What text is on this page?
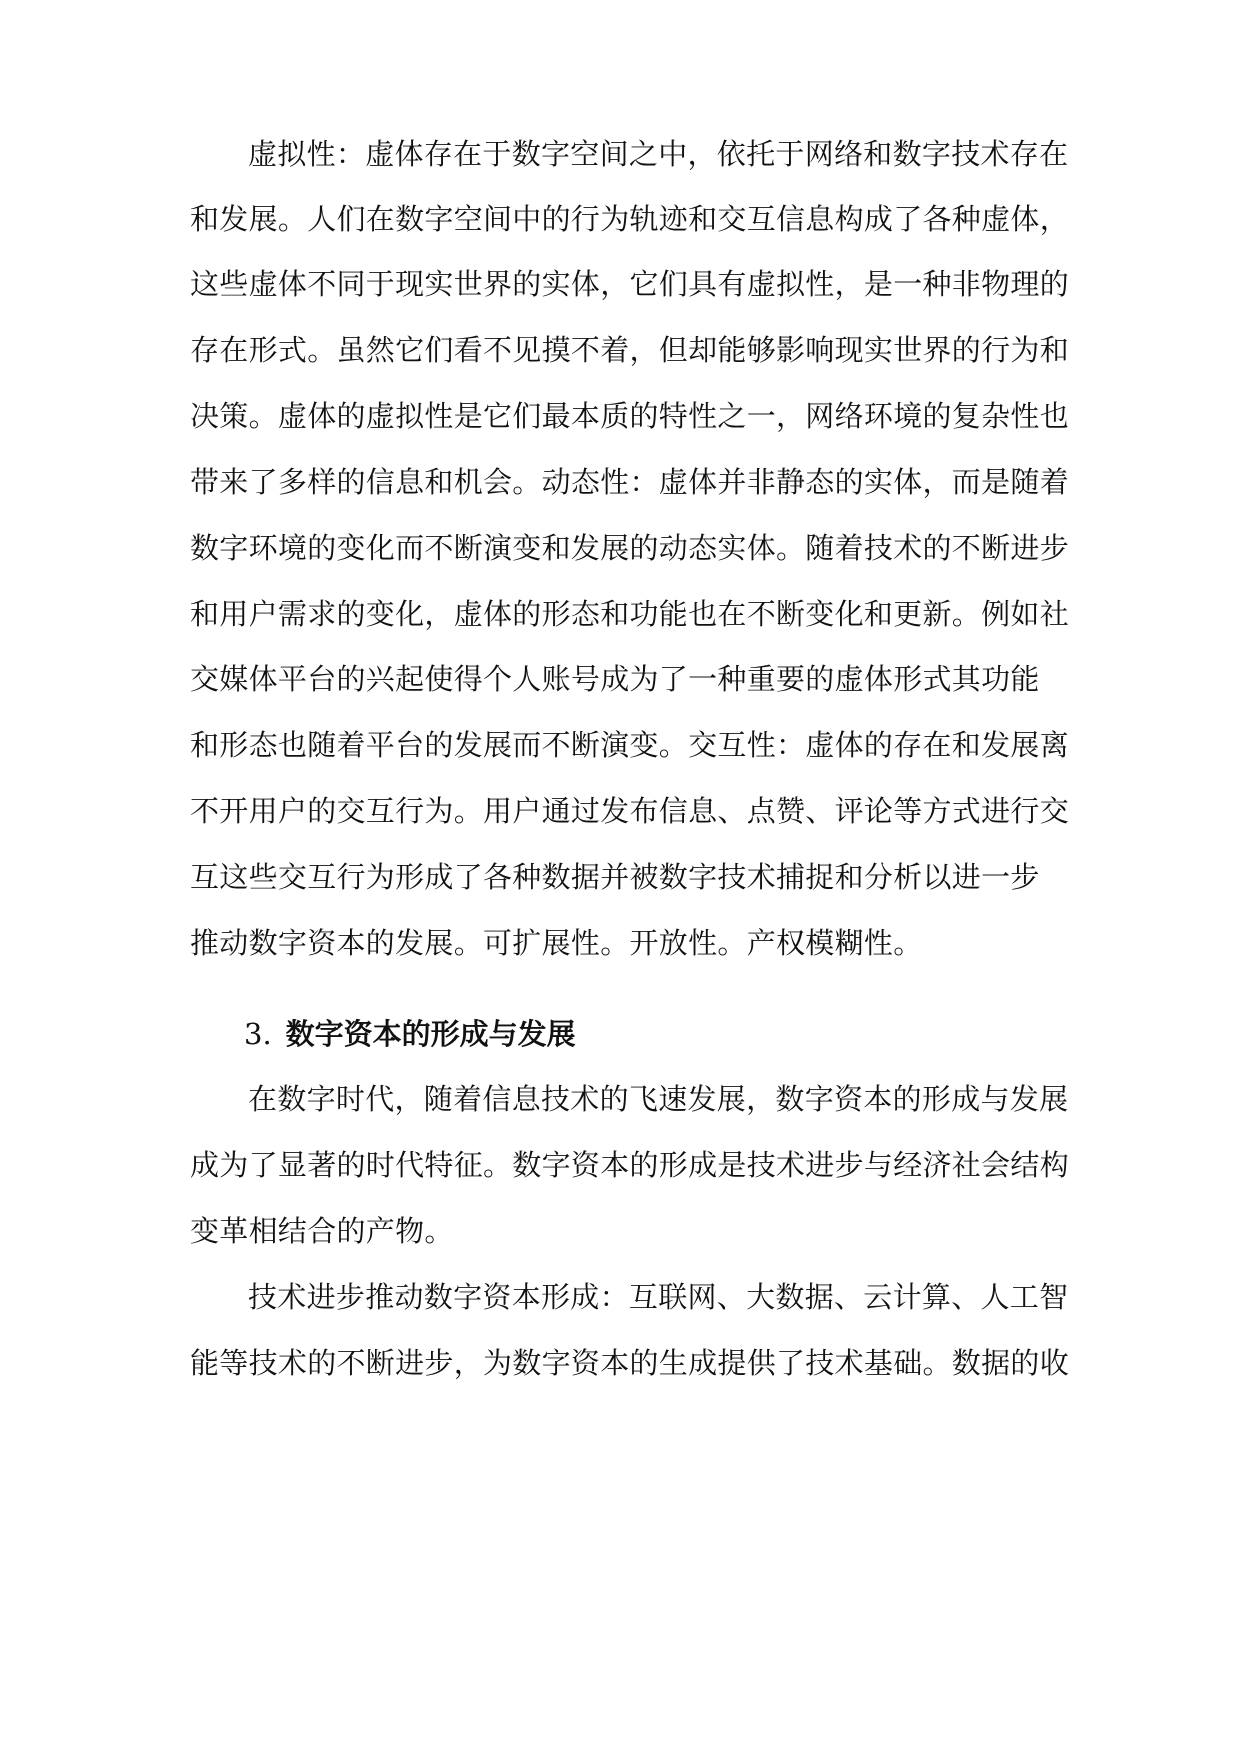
虚拟性：虚体存在于数字空间之中，依托于网络和数字技术存在
和发展。人们在数字空间中的行为轨迹和交互信息构成了各种虚体，
这些虚体不同于现实世界的实体，它们具有虚拟性，是一种非物理的
存在形式。虽然它们看不见摸不着，但却能够影响现实世界的行为和
决策。虚体的虚拟性是它们最本质的特性之一，网络环境的复杂性也
带来了多样的信息和机会。动态性：虚体并非静态的实体，而是随着
数字环境的变化而不断演变和发展的动态实体。随着技术的不断进步
和用户需求的变化，虚体的形态和功能也在不断变化和更新。例如社
交媒体平台的兴起使得个人账号成为了一种重要的虚体形式其功能
和形态也随着平台的发展而不断演变。交互性：虚体的存在和发展离
不开用户的交互行为。用户通过发布信息、点赞、评论等方式进行交
互这些交互行为形成了各种数据并被数字技术捕捉和分析以进一步
推动数字资本的发展。可扩展性。开放性。产权模糊性。
3. 数字资本的形成与发展
在数字时代，随着信息技术的飞速发展，数字资本的形成与发展
成为了显著的时代特征。数字资本的形成是技术进步与经济社会结构
变革相结合的产物。
技术进步推动数字资本形成：互联网、大数据、云计算、人工智
能等技术的不断进步，为数字资本的生成提供了技术基础。数据的收
